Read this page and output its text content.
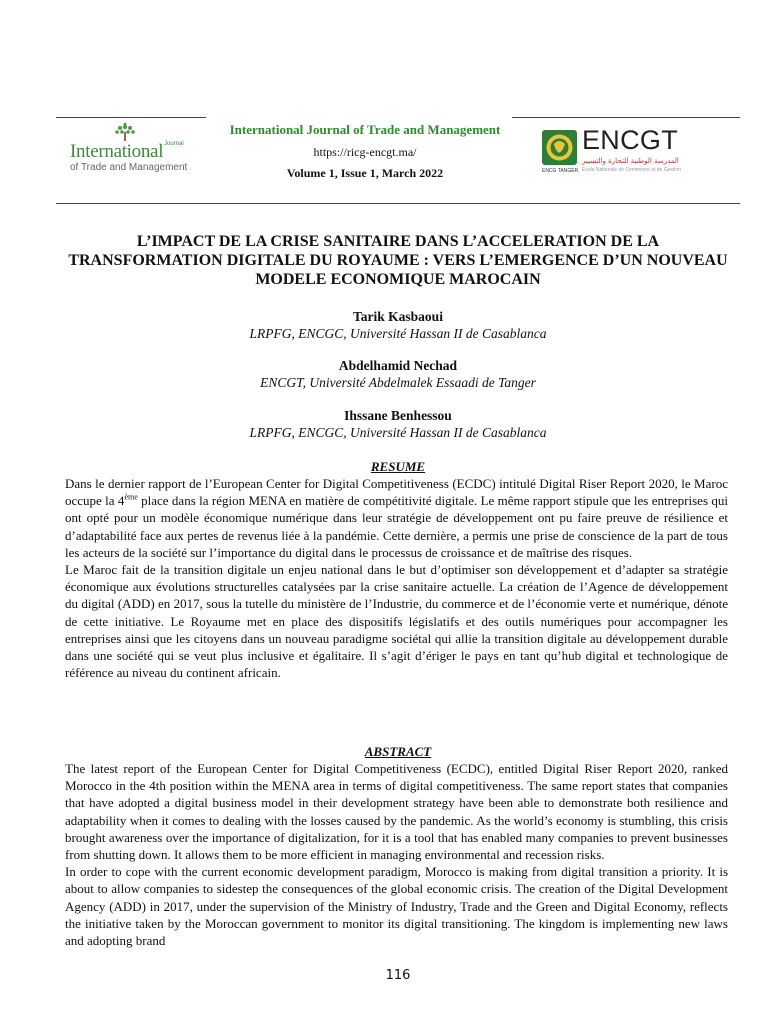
International Journal
of Trade and Management
International Journal of Trade and Management
https://ricg-encgt.ma/
Volume 1, Issue 1, March 2022	ENCG TANGER
ENCGT
المدرسة الوطنية للتجارة والتسيير
École Nationale de Commerce et de Gestion
L’IMPACT DE LA CRISE SANITAIRE DANS L’ACCELERATION DE LA TRANSFORMATION DIGITALE DU ROYAUME : VERS L’EMERGENCE D’UN NOUVEAU MODELE ECONOMIQUE MAROCAIN
Tarik Kasbaoui
LRPFG, ENCGC, Université Hassan II de Casablanca
Abdelhamid Nechad
ENCGT, Université Abdelmalek Essaadi de Tanger
Ihssane Benhessou
LRPFG, ENCGC, Université Hassan II de Casablanca
RESUME

Dans le dernier rapport de l’European Center for Digital Competitiveness (ECDC) intitulé Digital Riser Report 2020, le Maroc occupe la 4ème place dans la région MENA en matière de compétitivité digitale. Le même rapport stipule que les entreprises qui ont opté pour un modèle économique numérique dans leur stratégie de développement ont pu faire preuve de résilience et d’adaptabilité face aux pertes de revenus liée à la pandémie. Cette dernière, a permis une prise de conscience de la part de tous les acteurs de la société sur l’importance du digital dans le processus de croissance et de maîtrise des risques.

Le Maroc fait de la transition digitale un enjeu national dans le but d’optimiser son développement et d’adapter sa stratégie économique aux évolutions structurelles catalysées par la crise sanitaire actuelle. La création de l’Agence de développement du digital (ADD) en 2017, sous la tutelle du ministère de l’Industrie, du commerce et de l’économie verte et numérique, dénote de cette initiative. Le Royaume met en place des dispositifs législatifs et des outils numériques pour accompagner les entreprises ainsi que les citoyens dans un nouveau paradigme sociétal qui allie la transition digitale au développement durable dans une société qui se veut plus inclusive et égalitaire. Il s’agit d’ériger le pays en tant qu’hub digital et technologique de référence au niveau du continent africain.

ABSTRACT

The latest report of the European Center for Digital Competitiveness (ECDC), entitled Digital Riser Report 2020, ranked Morocco in the 4th position within the MENA area in terms of digital competitiveness. The same report states that companies that have adopted a digital business model in their development strategy have been able to demonstrate both resilience and adaptability when it comes to dealing with the losses caused by the pandemic. As the world’s economy is stumbling, this crisis brought awareness over the importance of digitalization, for it is a tool that has enabled many companies to prevent businesses from shutting down. It allows them to be more efficient in managing environmental and recession risks.

In order to cope with the current economic development paradigm, Morocco is making from digital transition a priority. It is about to allow companies to sidestep the consequences of the global economic crisis. The creation of the Digital Development Agency (ADD) in 2017, under the supervision of the Ministry of Industry, Trade and the Green and Digital Economy, reflects the initiative taken by the Moroccan government to monitor its digital transitioning. The kingdom is implementing new laws and adopting brand

116
